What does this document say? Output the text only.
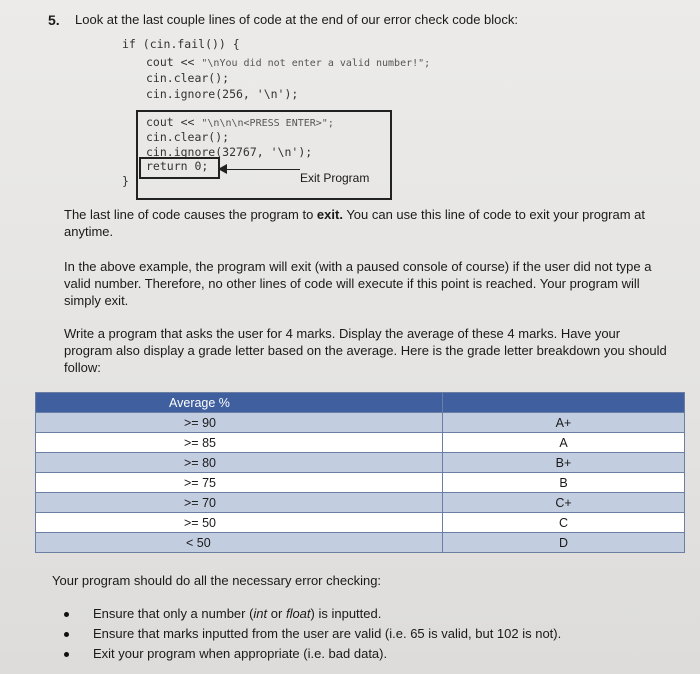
5. Look at the last couple lines of code at the end of our error check code block:
if (cin.fail()) {
cout << "\nYou did not enter a valid number!";
cin.clear();
cin.ignore(256, '\n');
cout << "\n\n\n<PRESS ENTER>";
cin.clear();
cin.ignore(32767, '\n');
return 0;
}	Exit Program
The last line of code causes the program to exit. You can use this line of code to exit your program at anytime.
In the above example, the program will exit (with a paused console of course) if the user did not type a valid number. Therefore, no other lines of code will execute if this point is reached. Your program will simply exit.
Write a program that asks the user for 4 marks. Display the average of these 4 marks. Have your program also display a grade letter based on the average. Here is the grade letter breakdown you should follow:
Average %	
>= 90	A+
>= 85	A
>= 80	B+
>= 75	B
>= 70	C+
>= 50	C
< 50	D
Your program should do all the necessary error checking:
Ensure that only a number (int or float) is inputted.
Ensure that marks inputted from the user are valid (i.e. 65 is valid, but 102 is not).
Exit your program when appropriate (i.e. bad data).
